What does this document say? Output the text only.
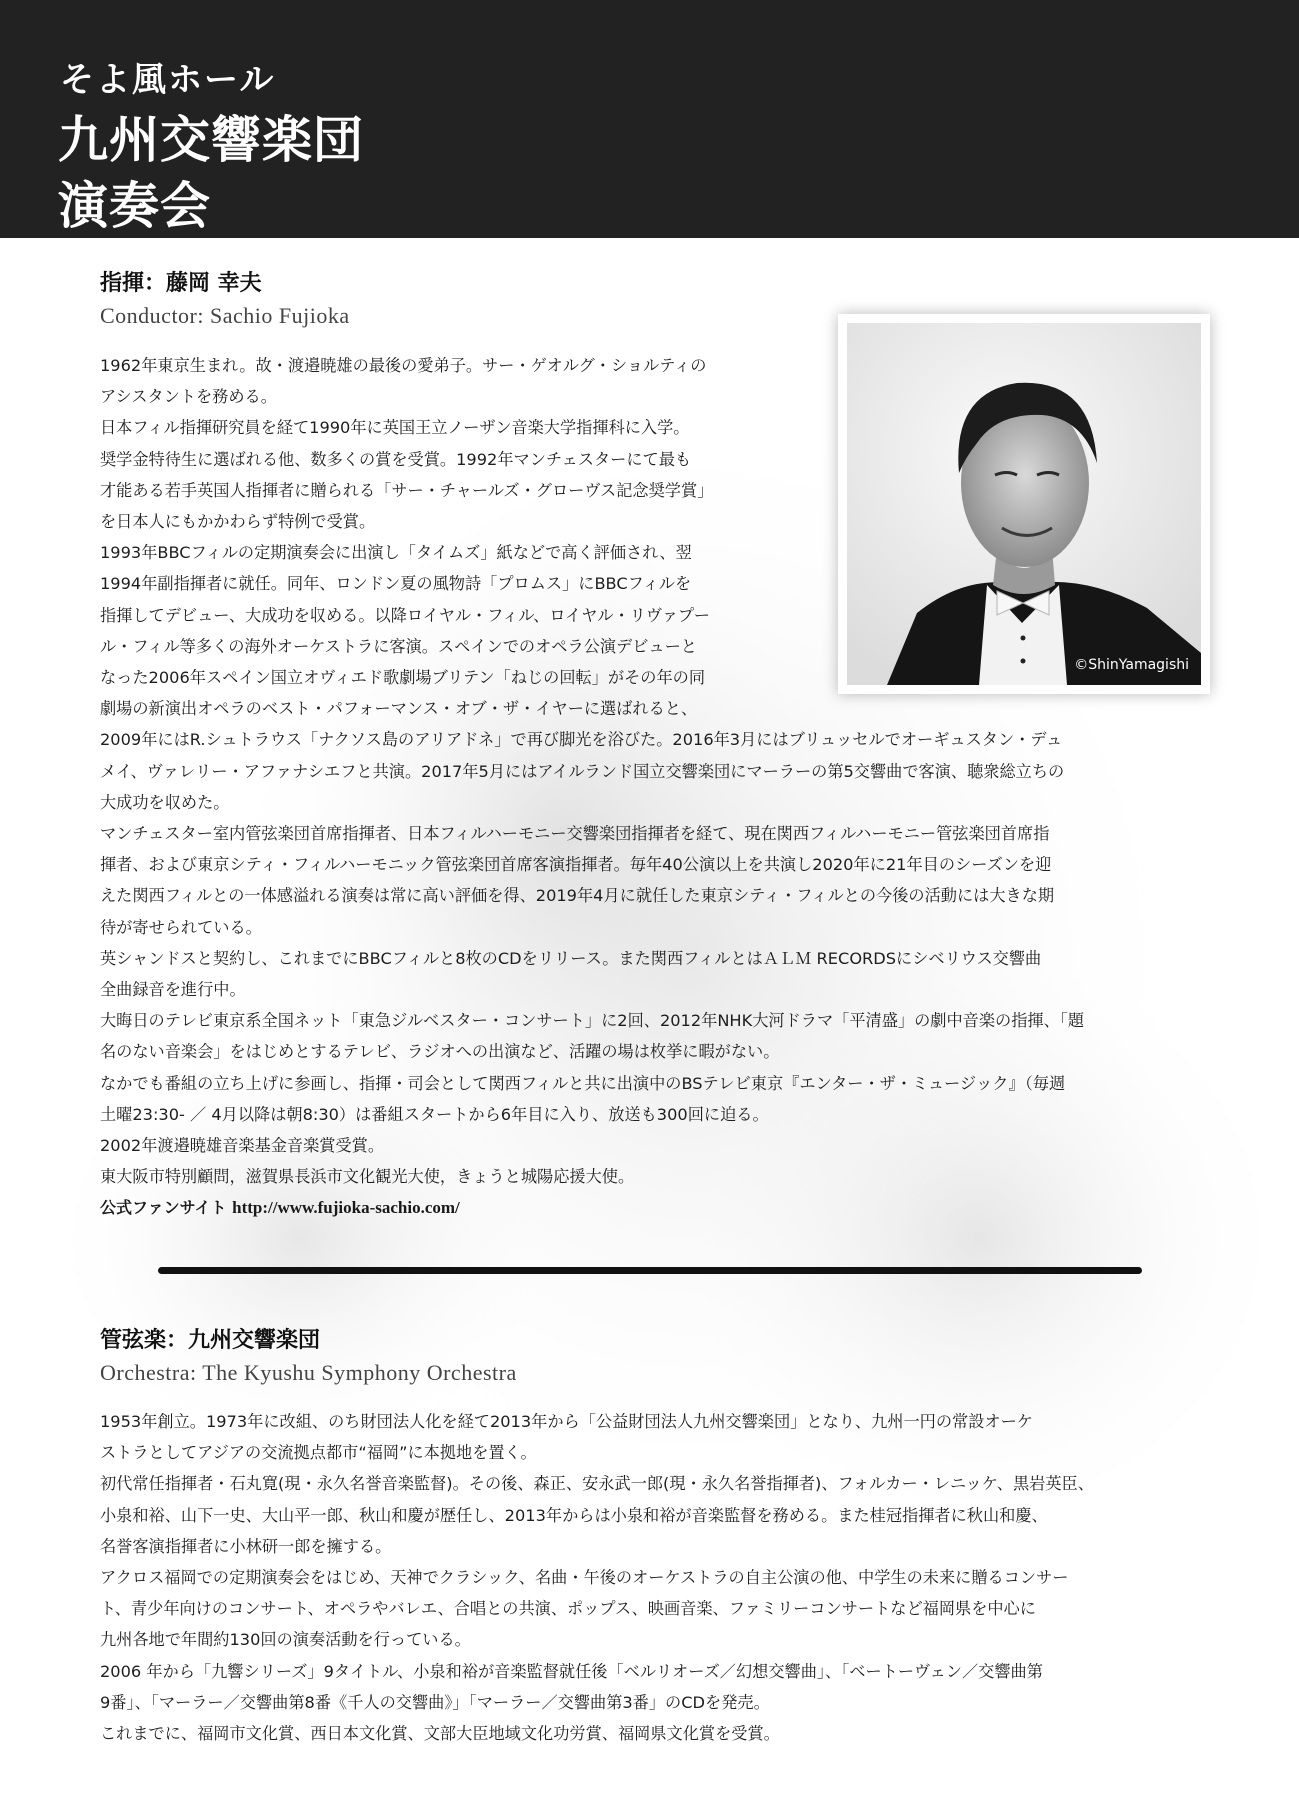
そよ風ホール
九州交響楽団
演奏会
指揮：藤岡 幸夫
Conductor: Sachio Fujioka

1962年東京生まれ。故・渡邉暁雄の最後の愛弟子。サー・ゲオルグ・ショルティの

アシスタントを務める。

日本フィル指揮研究員を経て1990年に英国王立ノーザン音楽大学指揮科に入学。

奨学金特待生に選ばれる他、数多くの賞を受賞。1992年マンチェスターにて最も

才能ある若手英国人指揮者に贈られる「サー・チャールズ・グローヴス記念奨学賞」

を日本人にもかかわらず特例で受賞。

1993年BBCフィルの定期演奏会に出演し「タイムズ」紙などで高く評価され、翌

1994年副指揮者に就任。同年、ロンドン夏の風物詩「プロムス」にBBCフィルを

指揮してデビュー、大成功を収める。以降ロイヤル・フィル、ロイヤル・リヴァプー

ル・フィル等多くの海外オーケストラに客演。スペインでのオペラ公演デビューと

なった2006年スペイン国立オヴィエド歌劇場ブリテン「ねじの回転」がその年の同

劇場の新演出オペラのベスト・パフォーマンス・オブ・ザ・イヤーに選ばれると、

2009年にはR.シュトラウス「ナクソス島のアリアドネ」で再び脚光を浴びた。2016年3月にはブリュッセルでオーギュスタン・デュ

メイ、ヴァレリー・アファナシエフと共演。2017年5月にはアイルランド国立交響楽団にマーラーの第5交響曲で客演、聴衆総立ちの

大成功を収めた。

マンチェスター室内管弦楽団首席指揮者、日本フィルハーモニー交響楽団指揮者を経て、現在関西フィルハーモニー管弦楽団首席指

揮者、および東京シティ・フィルハーモニック管弦楽団首席客演指揮者。毎年40公演以上を共演し2020年に21年目のシーズンを迎

えた関西フィルとの一体感溢れる演奏は常に高い評価を得、2019年4月に就任した東京シティ・フィルとの今後の活動には大きな期

待が寄せられている。

英シャンドスと契約し、これまでにBBCフィルと8枚のCDをリリース。また関西フィルとはＡＬＭ RECORDSにシベリウス交響曲

全曲録音を進行中。

大晦日のテレビ東京系全国ネット「東急ジルベスター・コンサート」に2回、2012年NHK大河ドラマ「平清盛」の劇中音楽の指揮、「題

名のない音楽会」をはじめとするテレビ、ラジオへの出演など、活躍の場は枚挙に暇がない。

なかでも番組の立ち上げに参画し、指揮・司会として関西フィルと共に出演中のBSテレビ東京『エンター・ザ・ミュージック』（毎週

土曜23:30- ／ 4月以降は朝8:30）は番組スタートから6年目に入り、放送も300回に迫る。

2002年渡邉暁雄音楽基金音楽賞受賞。

東大阪市特別顧問，滋賀県長浜市文化観光大使，きょうと城陽応援大使。

公式ファンサイト http://www.fujioka-sachio.com/
©ShinYamagishi
管弦楽：九州交響楽団
Orchestra: The Kyushu Symphony Orchestra

1953年創立。1973年に改組、のち財団法人化を経て2013年から「公益財団法人九州交響楽団」となり、九州一円の常設オーケ

ストラとしてアジアの交流拠点都市“福岡”に本拠地を置く。

初代常任指揮者・石丸寛(現・永久名誉音楽監督)。その後、森正、安永武一郎(現・永久名誉指揮者)、フォルカー・レニッケ、黒岩英臣、

小泉和裕、山下一史、大山平一郎、秋山和慶が歴任し、2013年からは小泉和裕が音楽監督を務める。また桂冠指揮者に秋山和慶、

名誉客演指揮者に小林研一郎を擁する。

アクロス福岡での定期演奏会をはじめ、天神でクラシック、名曲・午後のオーケストラの自主公演の他、中学生の未来に贈るコンサー

ト、青少年向けのコンサート、オペラやバレエ、合唱との共演、ポップス、映画音楽、ファミリーコンサートなど福岡県を中心に

九州各地で年間約130回の演奏活動を行っている。

2006 年から「九響シリーズ」9タイトル、小泉和裕が音楽監督就任後「ベルリオーズ／幻想交響曲」、「ベートーヴェン／交響曲第

9番」、「マーラー／交響曲第8番《千人の交響曲》」「マーラー／交響曲第3番」のCDを発売。

これまでに、福岡市文化賞、西日本文化賞、文部大臣地域文化功労賞、福岡県文化賞を受賞。
